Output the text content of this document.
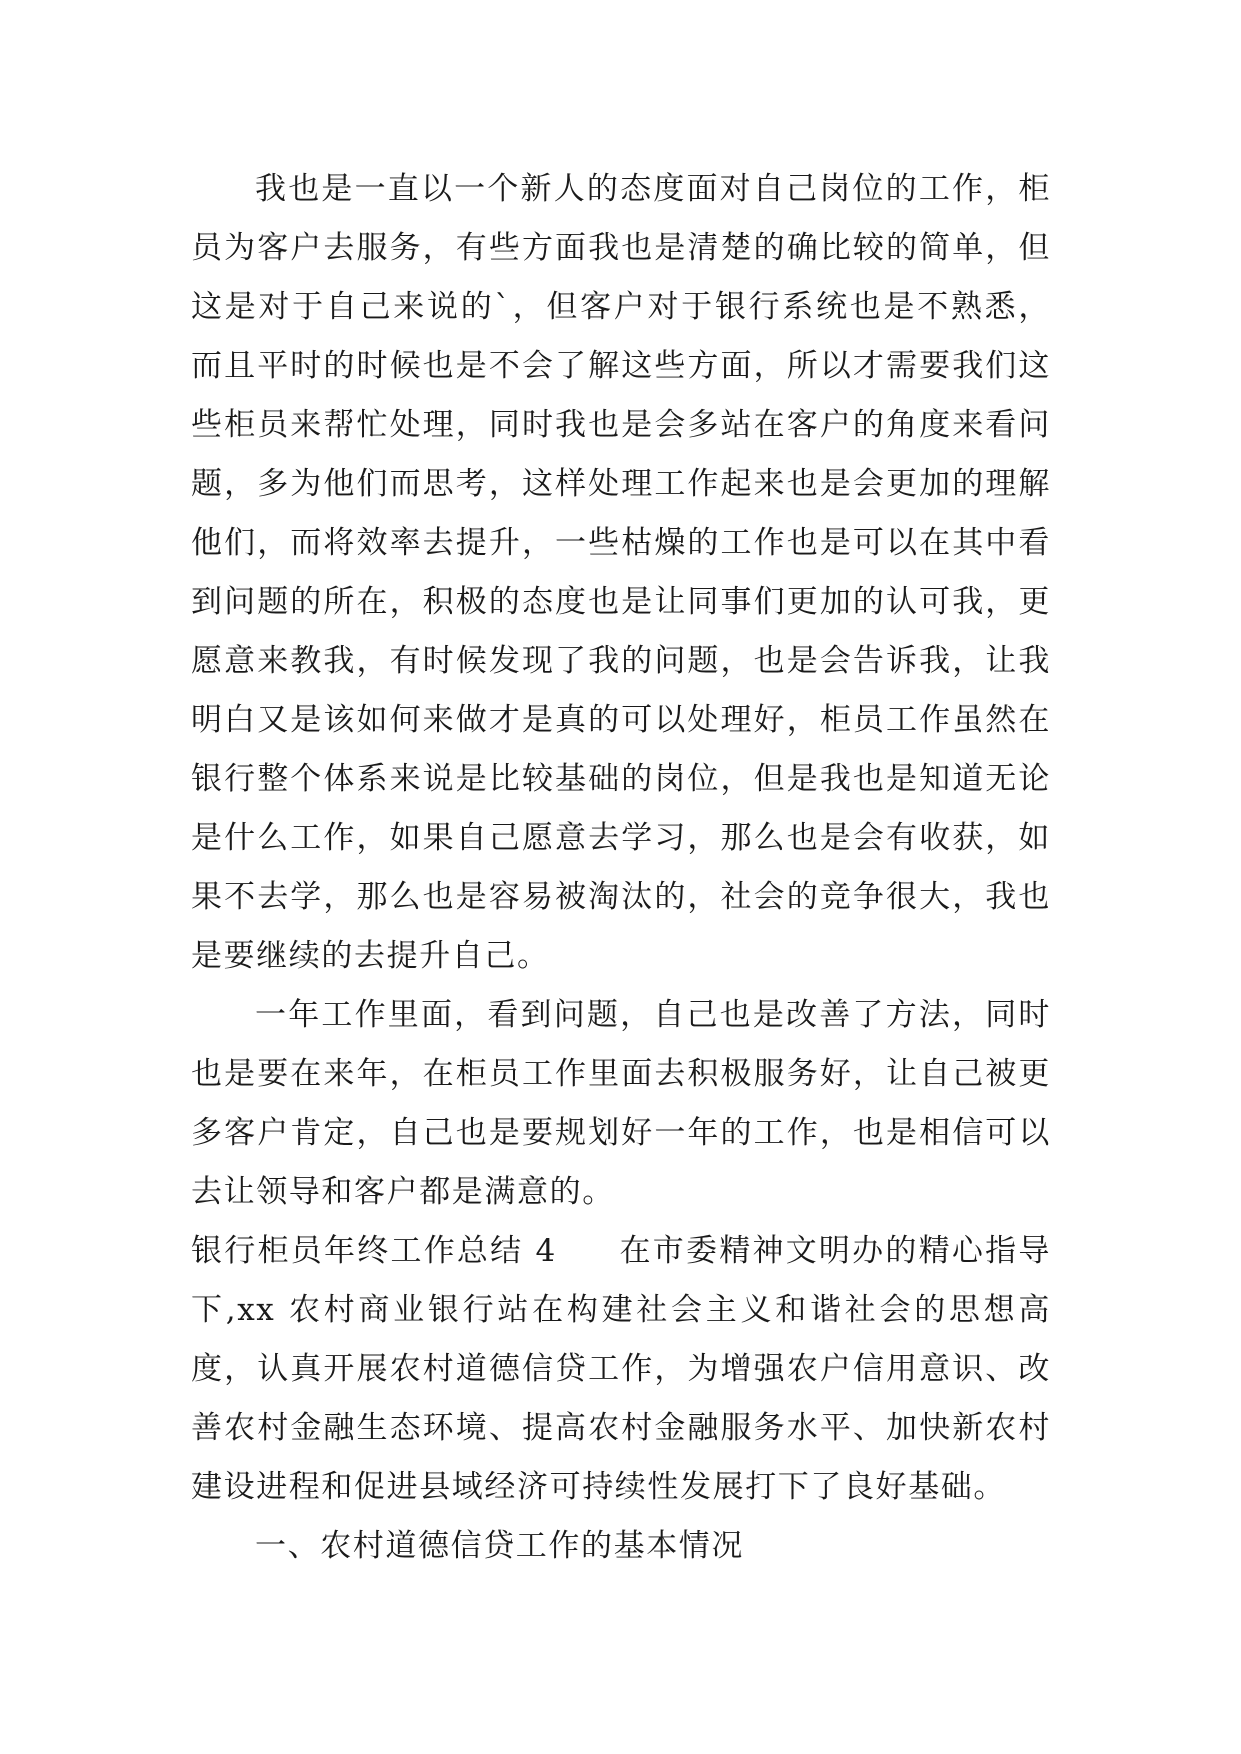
我也是一直以一个新人的态度面对自己岗位的工作，柜员为客户去服务，有些方面我也是清楚的确比较的简单，但这是对于自己来说的`，但客户对于银行系统也是不熟悉，而且平时的时候也是不会了解这些方面，所以才需要我们这些柜员来帮忙处理，同时我也是会多站在客户的角度来看问题，多为他们而思考，这样处理工作起来也是会更加的理解他们，而将效率去提升，一些枯燥的工作也是可以在其中看到问题的所在，积极的态度也是让同事们更加的认可我，更愿意来教我，有时候发现了我的问题，也是会告诉我，让我明白又是该如何来做才是真的可以处理好，柜员工作虽然在银行整个体系来说是比较基础的岗位，但是我也是知道无论是什么工作，如果自己愿意去学习，那么也是会有收获，如果不去学，那么也是容易被淘汰的，社会的竞争很大，我也是要继续的去提升自己。

一年工作里面，看到问题，自己也是改善了方法，同时也是要在来年，在柜员工作里面去积极服务好，让自己被更多客户肯定，自己也是要规划好一年的工作，也是相信可以去让领导和客户都是满意的。

银行柜员年终工作总结 4 在市委精神文明办的精心指导下,xx 农村商业银行站在构建社会主义和谐社会的思想高度，认真开展农村道德信贷工作，为增强农户信用意识、改善农村金融生态环境、提高农村金融服务水平、加快新农村建设进程和促进县域经济可持续性发展打下了良好基础。

一、农村道德信贷工作的基本情况
